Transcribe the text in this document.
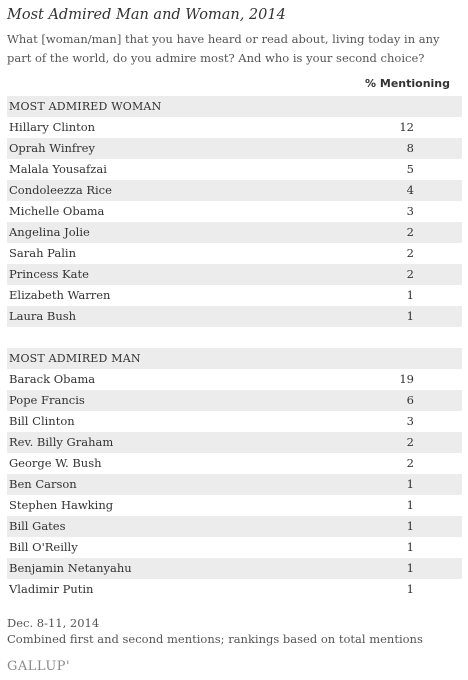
Most Admired Man and Woman, 2014
What [woman/man] that you have heard or read about, living today in any part of the world, do you admire most? And who is your second choice?
% Mentioning
MOST ADMIRED WOMAN
Hillary Clinton	12
Oprah Winfrey	8
Malala Yousafzai	5
Condoleezza Rice	4
Michelle Obama	3
Angelina Jolie	2
Sarah Palin	2
Princess Kate	2
Elizabeth Warren	1
Laura Bush	1
MOST ADMIRED MAN
Barack Obama	19
Pope Francis	6
Bill Clinton	3
Rev. Billy Graham	2
George W. Bush	2
Ben Carson	1
Stephen Hawking	1
Bill Gates	1
Bill O'Reilly	1
Benjamin Netanyahu	1
Vladimir Putin	1
Dec. 8-11, 2014
Combined first and second mentions; rankings based on total mentions
GALLUP'
